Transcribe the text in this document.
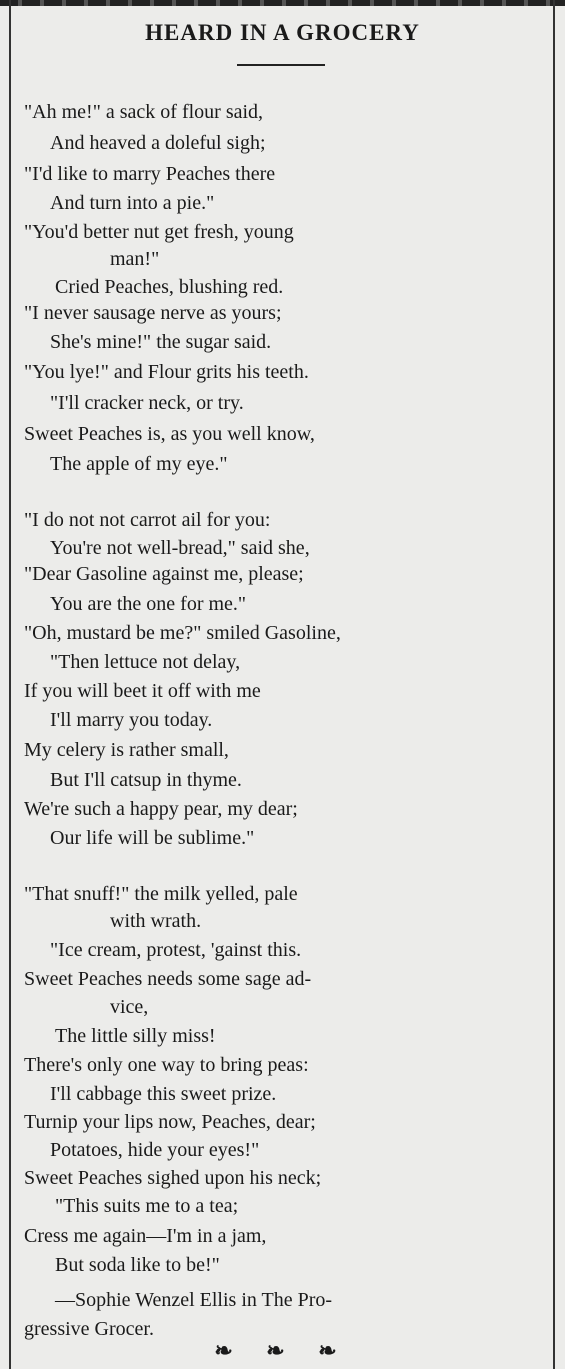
HEARD IN A GROCERY
"Ah me!" a sack of flour said,
And heaved a doleful sigh;
"I'd like to marry Peaches there
And turn into a pie."
"You'd better nut get fresh, young
man!"
Cried Peaches, blushing red.
"I never sausage nerve as yours;
She's mine!" the sugar said.
"You lye!" and Flour grits his teeth.
"I'll cracker neck, or try.
Sweet Peaches is, as you well know,
The apple of my eye."
"I do not not carrot ail for you:
You're not well-bread," said she,
"Dear Gasoline against me, please;
You are the one for me."
"Oh, mustard be me?" smiled Gasoline,
"Then lettuce not delay,
If you will beet it off with me
I'll marry you today.
My celery is rather small,
But I'll catsup in thyme.
We're such a happy pear, my dear;
Our life will be sublime."
"That snuff!" the milk yelled, pale
with wrath.
"Ice cream, protest, 'gainst this.
Sweet Peaches needs some sage ad-
vice,
The little silly miss!
There's only one way to bring peas:
I'll cabbage this sweet prize.
Turnip your lips now, Peaches, dear;
Potatoes, hide your eyes!"
Sweet Peaches sighed upon his neck;
"This suits me to a tea;
Cress me again—I'm in a jam,
But soda like to be!"
—Sophie Wenzel Ellis in The Pro-
gressive Grocer.
❧ ❧ ❧
